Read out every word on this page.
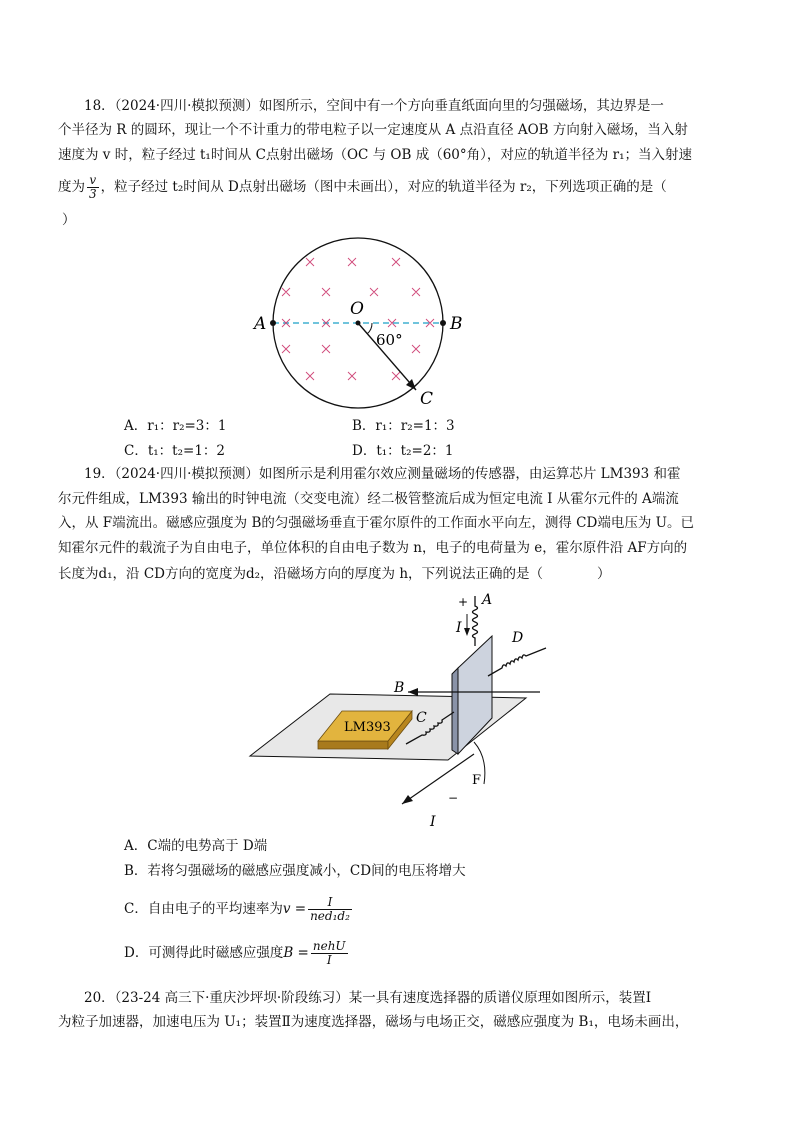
18．（2024·四川·模拟预测）如图所示，空间中有一个方向垂直纸面向里的匀强磁场，其边界是一
个半径为 R 的圆环，现让一个不计重力的带电粒子以一定速度从 A 点沿直径 AOB 方向射入磁场，当入射
速度为 v 时，粒子经过 t₁时间从 C点射出磁场（OC 与 OB 成（60°角），对应的轨道半径为 r₁；当入射速
度为 $\frac{v}{3}$ ，粒子经过 t₂时间从 D点射出磁场（图中未画出），对应的轨道半径为 r₂，下列选项正确的是（
）
A	B
O
C
60°
A．r₁：r₂=3：1	B．r₁：r₂=1：3
C．t₁：t₂=1：2	D．t₁：t₂=2：1
19．（2024·四川·模拟预测）如图所示是利用霍尔效应测量磁场的传感器，由运算芯片 LM393 和霍
尔元件组成，LM393 输出的时钟电流（交变电流）经二极管整流后成为恒定电流 I 从霍尔元件的 A端流
入，从 F端流出。磁感应强度为 B的匀强磁场垂直于霍尔原件的工作面水平向左，测得 CD端电压为 U。已
知霍尔元件的载流子为自由电子，单位体积的自由电子数为 n，电子的电荷量为 e，霍尔原件沿 AF方向的
长度为d₁，沿 CD方向的宽度为d₂，沿磁场方向的厚度为 h，下列说法正确的是（　　　　）
LM393
+ A
I
D
B
C
F
−
I
A．C端的电势高于 D端
B．若将匀强磁场的磁感应强度减小，CD间的电压将增大
C．自由电子的平均速率为$v = \frac{I}{\text{ned₁d₂}}$
D．可测得此时磁感应强度$B = \frac{\text{nehU}}{I}$
20．（23-24 高三下·重庆沙坪坝·阶段练习）某一具有速度选择器的质谱仪原理如图所示，装置Ⅰ
为粒子加速器，加速电压为 U₁；装置Ⅱ为速度选择器，磁场与电场正交，磁感应强度为 B₁，电场未画出，
